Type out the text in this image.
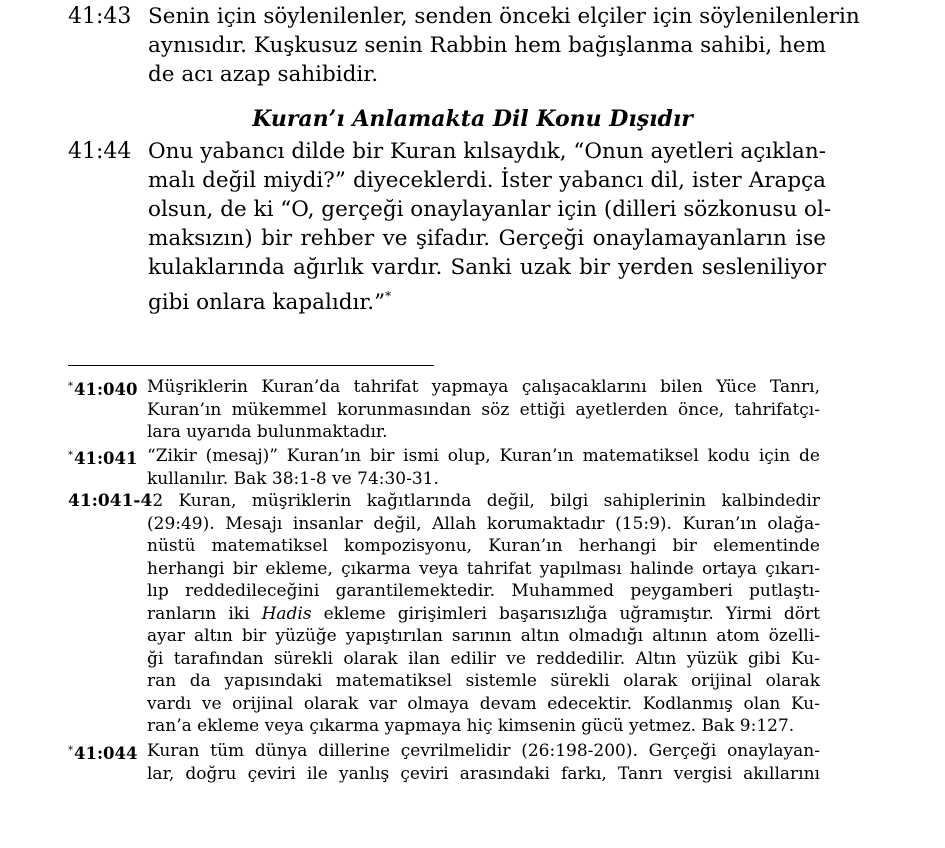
41:43 Senin için söylenilenler, senden önceki elçiler için söylenilenlerin
aynısıdır. Kuşkusuz senin Rabbin hem bağışlanma sahibi, hem
de acı azap sahibidir.
Kuran’ı Anlamakta Dil Konu Dışıdır
41:44 Onu yabancı dilde bir Kuran kılsaydık, “Onun ayetleri açıklan-
malı değil miydi?” diyeceklerdi. İster yabancı dil, ister Arapça
olsun, de ki “O, gerçeği onaylayanlar için (dilleri sözkonusu ol-
maksızın) bir rehber ve şifadır. Gerçeği onaylamayanların ise
kulaklarında ağırlık vardır. Sanki uzak bir yerden sesleniliyor
gibi onlara kapalıdır.”*
*41:040 Müşriklerin Kuran’da tahrifat yapmaya çalışacaklarını bilen Yüce Tanrı,
Kuran’ın mükemmel korunmasından söz ettiği ayetlerden önce, tahrifatçı-
lara uyarıda bulunmaktadır.
*41:041 “Zikir (mesaj)” Kuran’ın bir ismi olup, Kuran’ın matematiksel kodu için de
kullanılır. Bak 38:1-8 ve 74:30-31.
41:041-42 Kuran, müşriklerin kağıtlarında değil, bilgi sahiplerinin kalbindedir
(29:49). Mesajı insanlar değil, Allah korumaktadır (15:9). Kuran’ın olağa-
nüstü matematiksel kompozisyonu, Kuran’ın herhangi bir elementinde
herhangi bir ekleme, çıkarma veya tahrifat yapılması halinde ortaya çıkarı-
lıp reddedileceğini garantilemektedir. Muhammed peygamberi putlaştı-
ranların iki Hadis ekleme girişimleri başarısızlığa uğramıştır. Yirmi dört
ayar altın bir yüzüğe yapıştırılan sarının altın olmadığı altının atom özelli-
ği tarafından sürekli olarak ilan edilir ve reddedilir. Altın yüzük gibi Ku-
ran da yapısındaki matematiksel sistemle sürekli olarak orijinal olarak
vardı ve orijinal olarak var olmaya devam edecektir. Kodlanmış olan Ku-
ran’a ekleme veya çıkarma yapmaya hiç kimsenin gücü yetmez. Bak 9:127.
*41:044 Kuran tüm dünya dillerine çevrilmelidir (26:198-200). Gerçeği onaylayan-
lar, doğru çeviri ile yanlış çeviri arasındaki farkı, Tanrı vergisi akıllarını
